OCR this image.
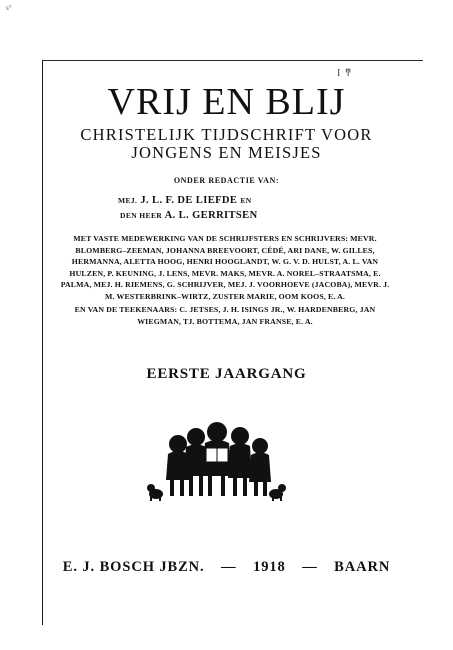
s°
I ͳ
VRIJ EN BLIJ
CHRISTELIJK TIJDSCHRIFT VOOR
JONGENS EN MEISJES
ONDER REDACTIE VAN:
MEJ. J. L. F. DE LIEFDE EN
DEN HEER A. L. GERRITSEN
MET VASTE MEDEWERKING VAN DE SCHRIJFSTERS EN SCHRIJVERS: MEVR. BLOMBERG–ZEEMAN, JOHANNA BREEVOORT, CÉDÉ, ARI DANE, W. GILLES, HERMANNA, ALETTA HOOG, HENRI HOOGLANDT, W. G. V. D. HULST, A. L. VAN HULZEN, P. KEUNING, J. LENS, MEVR. MAKS, MEVR. A. NOREL–STRAATSMA, E. PALMA, MEJ. H. RIEMENS, G. SCHRIJVER, MEJ. J. VOORHOEVE (JACOBA), MEVR. J. M. WESTERBRINK–WIRTZ, ZUSTER MARIE, OOM KOOS, E. A.
EN VAN DE TEEKENAARS: C. JETSES, J. H. ISINGS JR., W. HARDENBERG, JAN WIEGMAN, TJ. BOTTEMA, JAN FRANSE, E. A.
EERSTE JAARGANG
E. J. BOSCH JBZN. — 1918 — BAARN
